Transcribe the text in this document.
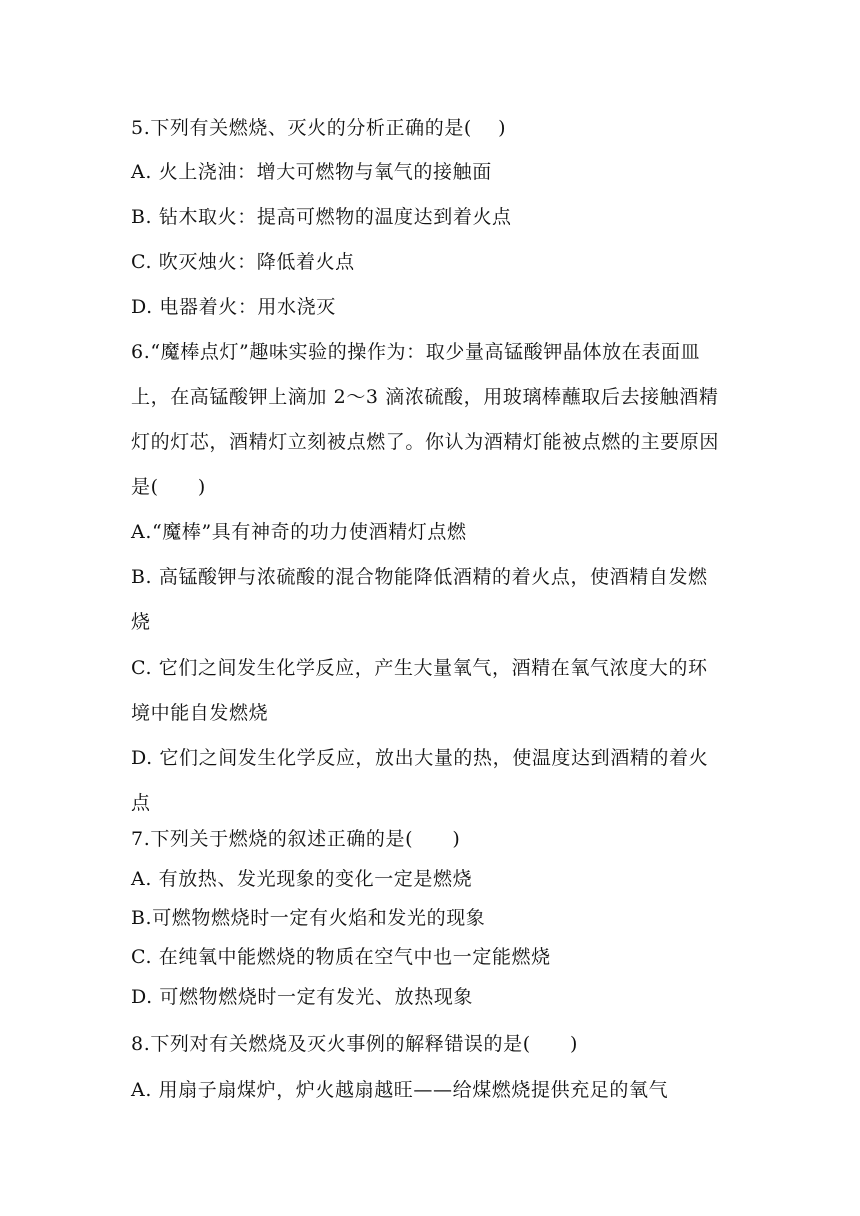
5.下列有关燃烧、灭火的分析正确的是(　 )
A. 火上浇油：增大可燃物与氧气的接触面
B. 钻木取火：提高可燃物的温度达到着火点
C. 吹灭烛火：降低着火点
D. 电器着火：用水浇灭
6.“魔棒点灯”趣味实验的操作为：取少量高锰酸钾晶体放在表面皿
上，在高锰酸钾上滴加 2～3 滴浓硫酸，用玻璃棒蘸取后去接触酒精
灯的灯芯，酒精灯立刻被点燃了。你认为酒精灯能被点燃的主要原因
是(　　)
A.“魔棒”具有神奇的功力使酒精灯点燃
B. 高锰酸钾与浓硫酸的混合物能降低酒精的着火点，使酒精自发燃
烧
C. 它们之间发生化学反应，产生大量氧气，酒精在氧气浓度大的环
境中能自发燃烧
D. 它们之间发生化学反应，放出大量的热，使温度达到酒精的着火
点
7.下列关于燃烧的叙述正确的是(　　)
A. 有放热、发光现象的变化一定是燃烧
B.可燃物燃烧时一定有火焰和发光的现象
C. 在纯氧中能燃烧的物质在空气中也一定能燃烧
D. 可燃物燃烧时一定有发光、放热现象
8.下列对有关燃烧及灭火事例的解释错误的是(　　)
A. 用扇子扇煤炉，炉火越扇越旺——给煤燃烧提供充足的氧气
